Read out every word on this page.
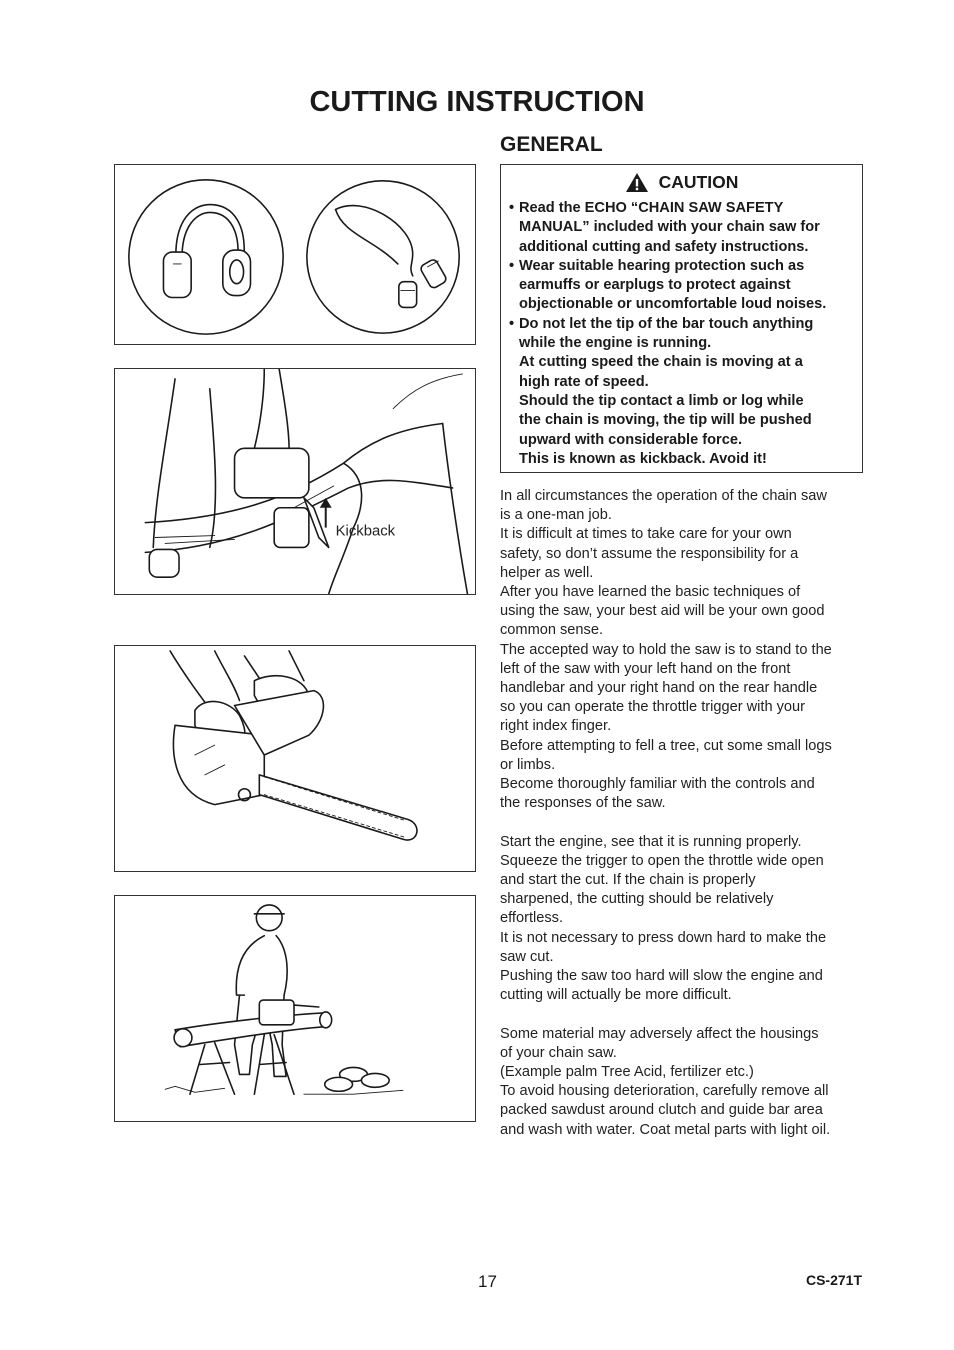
CUTTING INSTRUCTION
GENERAL
Kickback
CAUTION
• Read the ECHO “CHAIN SAW SAFETY
MANUAL” included with your chain saw for
additional cutting and safety instructions.
• Wear suitable hearing protection such as
earmuffs or earplugs to protect against
objectionable or uncomfortable loud noises.
• Do not let the tip of the bar touch anything
while the engine is running.
At cutting speed the chain is moving at a
high rate of speed.
Should the tip contact a limb or log while
the chain is moving, the tip will be pushed
upward with considerable force.
This is known as kickback. Avoid it!

In all circumstances the operation of the chain saw

is a one-man job.

It is difficult at times to take care for your own

safety, so don’t assume the responsibility for a

helper as well.

After you have learned the basic techniques of

using the saw, your best aid will be your own good

common sense.

The accepted way to hold the saw is to stand to the

left of the saw with your left hand on the front

handlebar and your right hand on the rear handle

so you can operate the throttle trigger with your

right index finger.

Before attempting to fell a tree, cut some small logs

or limbs.

Become thoroughly familiar with the controls and

the responses of the saw.

Start the engine, see that it is running properly.

Squeeze the trigger to open the throttle wide open

and start the cut. If the chain is properly

sharpened, the cutting should be relatively

effortless.

It is not necessary to press down hard to make the

saw cut.

Pushing the saw too hard will slow the engine and

cutting will actually be more difficult.

Some material may adversely affect the housings

of your chain saw.

(Example palm Tree Acid, fertilizer etc.)

To avoid housing deterioration, carefully remove all

packed sawdust around clutch and guide bar area

and wash with water. Coat metal parts with light oil.

17	CS-271T
